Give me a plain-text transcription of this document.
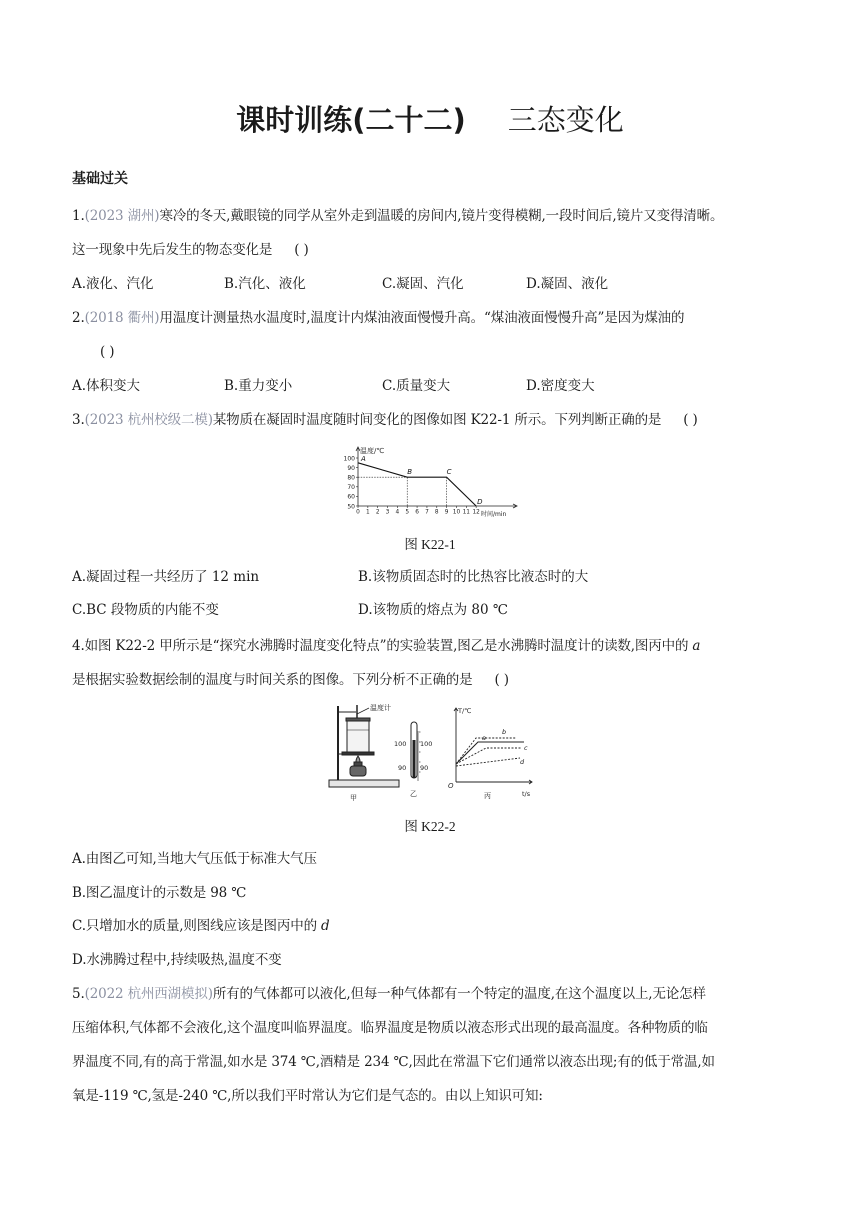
课时训练(二十二) 三态变化
基础过关
1.(2023 湖州)寒冷的冬天,戴眼镜的同学从室外走到温暖的房间内,镜片变得模糊,一段时间后,镜片又变得清晰。
这一现象中先后发生的物态变化是 ( )
A.液化、汽化	B.汽化、液化	C.凝固、汽化	D.凝固、液化
2.(2018 衢州)用温度计测量热水温度时,温度计内煤油液面慢慢升高。“煤油液面慢慢升高”是因为煤油的
( )
A.体积变大	B.重力变小	C.质量变大	D.密度变大
3.(2023 杭州校级二模)某物质在凝固时温度随时间变化的图像如图 K22-1 所示。下列判断正确的是 ( )
100
90
80
70
60
50
0 1 2 3 4 5 6 7 8 9 10 11 12
A
B	C
D
温度/℃
时间/min
图 K22-1
A.凝固过程一共经历了 12 min	B.该物质固态时的比热容比液态时的大
C.BC 段物质的内能不变	D.该物质的熔点为 80 ℃
4.如图 K22-2 甲所示是“探究水沸腾时温度变化特点”的实验装置,图乙是水沸腾时温度计的读数,图丙中的 a
是根据实验数据绘制的温度与时间关系的图像。下列分析不正确的是 ( )
温度计
甲
100 100
90 90
乙
T/℃
t/s
O
a
b
c
d
丙
图 K22-2
A.由图乙可知,当地大气压低于标准大气压
B.图乙温度计的示数是 98 ℃
C.只增加水的质量,则图线应该是图丙中的 d
D.水沸腾过程中,持续吸热,温度不变
5.(2022 杭州西湖模拟)所有的气体都可以液化,但每一种气体都有一个特定的温度,在这个温度以上,无论怎样
压缩体积,气体都不会液化,这个温度叫临界温度。临界温度是物质以液态形式出现的最高温度。各种物质的临
界温度不同,有的高于常温,如水是 374 ℃,酒精是 234 ℃,因此在常温下它们通常以液态出现;有的低于常温,如
氧是-119 ℃,氢是-240 ℃,所以我们平时常认为它们是气态的。由以上知识可知:
